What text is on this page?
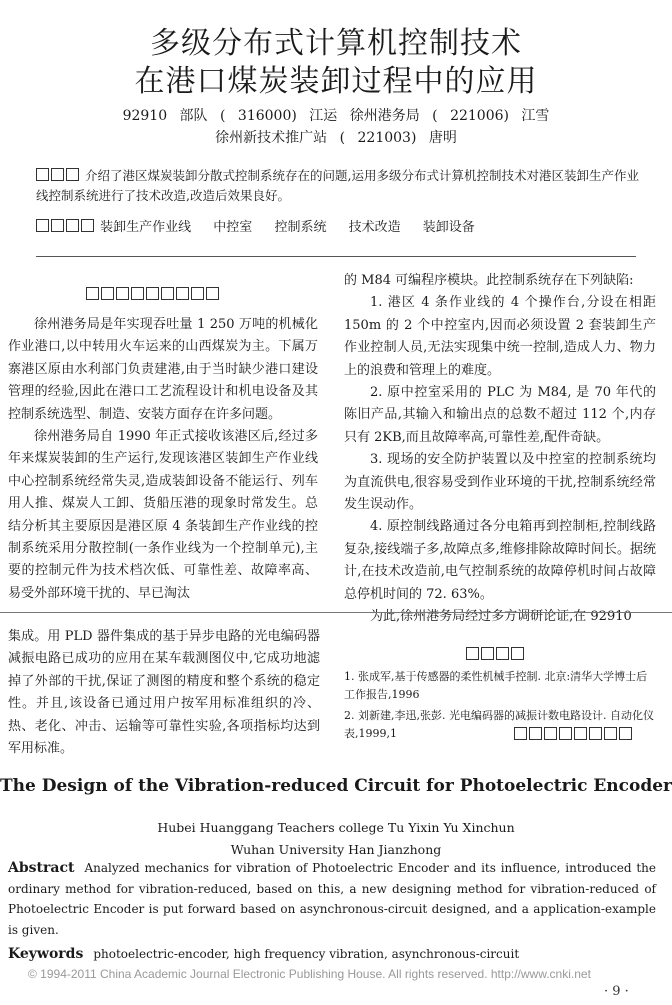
多级分布式计算机控制技术
在港口煤炭装卸过程中的应用
92910 部队 ( 316000) 江运 徐州港务局 ( 221006) 江雪
徐州新技术推广站 ( 221003) 唐明
介绍了港区煤炭装卸分散式控制系统存在的问题,运用多级分布式计算机控制技术对港区装卸生产作业线控制系统进行了技术改造,改造后效果良好。
装卸生产作业线 中控室 控制系统 技术改造 装卸设备

徐州港务局是年实现吞吐量 1 250 万吨的机械化作业港口,以中转用火车运来的山西煤炭为主。下属万寨港区原由水利部门负责建港,由于当时缺少港口建设管理的经验,因此在港口工艺流程设计和机电设备及其控制系统选型、制造、安装方面存在许多问题。

徐州港务局自 1990 年正式接收该港区后,经过多年来煤炭装卸的生产运行,发现该港区装卸生产作业线中心控制系统经常失灵,造成装卸设备不能运行、列车用人推、煤炭人工卸、货船压港的现象时常发生。总结分析其主要原因是港区原 4 条装卸生产作业线的控制系统采用分散控制(一条作业线为一个控制单元),主要的控制元件为技术档次低、可靠性差、故障率高、易受外部环境干扰的、早已淘汰

的 M84 可编程序模块。此控制系统存在下列缺陷:

1. 港区 4 条作业线的 4 个操作台,分设在相距 150m 的 2 个中控室内,因而必须设置 2 套装卸生产作业控制人员,无法实现集中统一控制,造成人力、物力上的浪费和管理上的难度。

2. 原中控室采用的 PLC 为 M84, 是 70 年代的陈旧产品,其输入和输出点的总数不超过 112 个,内存只有 2KB,而且故障率高,可靠性差,配件奇缺。

3. 现场的安全防护装置以及中控室的控制系统均为直流供电,很容易受到作业环境的干扰,控制系统经常发生误动作。

4. 原控制线路通过各分电箱再到控制柜,控制线路复杂,接线端子多,故障点多,维修排除故障时间长。据统计,在技术改造前,电气控制系统的故障停机时间占故障总停机时间的 72. 63%。

为此,徐州港务局经过多方调研论证,在 92910

集成。用 PLD 器件集成的基于异步电路的光电编码器减振电路已成功的应用在某车载测图仪中,它成功地滤掉了外部的干扰,保证了测图的精度和整个系统的稳定性。并且,该设备已通过用户按军用标准组织的冷、热、老化、冲击、运输等可靠性实验,各项指标均达到军用标准。

1. 张成军,基于传感器的柔性机械手控制. 北京:清华大学博士后工作报告,1996
2. 刘新建,李迅,张彭. 光电编码器的减振计数电路设计. 自动化仪表,1999,1
The Design of the Vibration-reduced Circuit for Photoelectric Encoder
Hubei Huanggang Teachers college Tu Yixin Yu Xinchun
Wuhan University Han Jianzhong
Abstract Analyzed mechanics for vibration of Photoelectric Encoder and its influence, introduced the ordinary method for vibration-reduced, based on this, a new designing method for vibration-reduced of Photoelectric Encoder is put forward based on asynchronous-circuit designed, and a application-example is given.
Keywords photoelectric-encoder, high frequency vibration, asynchronous-circuit
© 1994-2011 China Academic Journal Electronic Publishing House. All rights reserved. http://www.cnki.net
· 9 ·
